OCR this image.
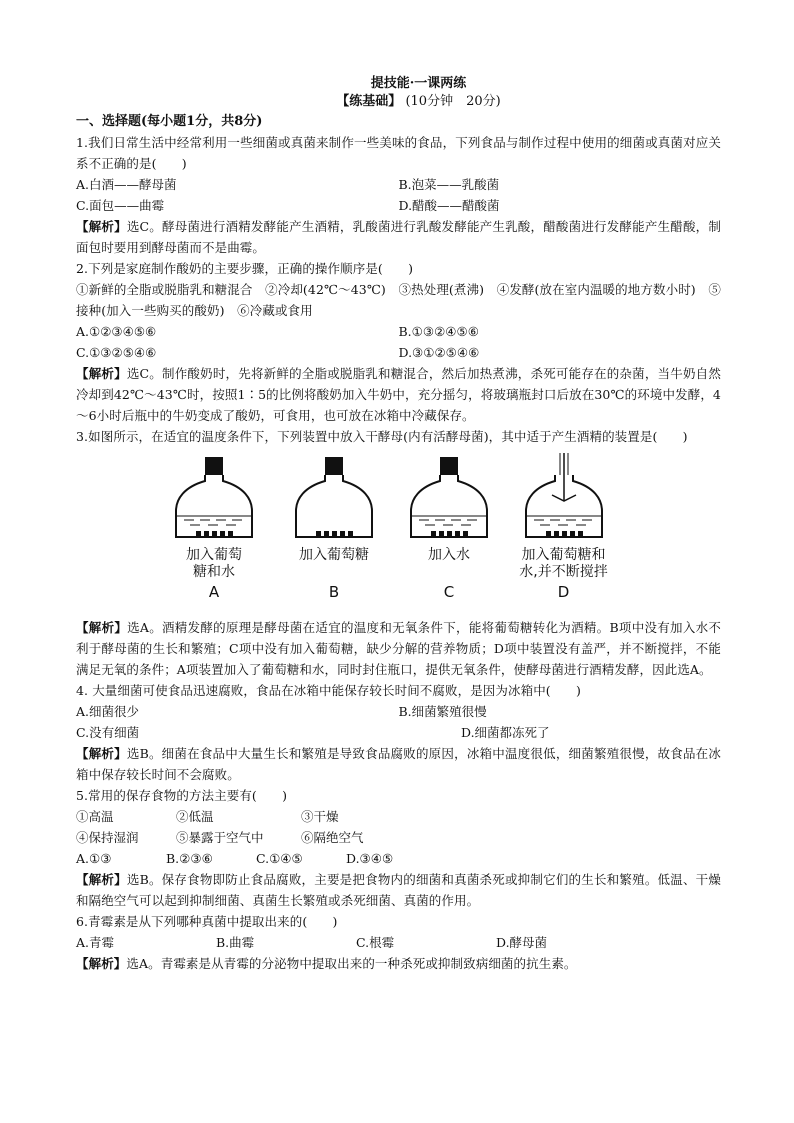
提技能·一课两练
【练基础】 (10分钟　20分)
一、选择题(每小题1分，共8分)

1.我们日常生活中经常利用一些细菌或真菌来制作一些美味的食品，下列食品与制作过程中使用的细菌或真菌对应关系不正确的是(　　)

A.白酒——酵母菌	B.泡菜——乳酸菌
C.面包——曲霉	D.醋酸——醋酸菌

【解析】选C。酵母菌进行酒精发酵能产生酒精，乳酸菌进行乳酸发酵能产生乳酸，醋酸菌进行发酵能产生醋酸，制面包时要用到酵母菌而不是曲霉。

2.下列是家庭制作酸奶的主要步骤，正确的操作顺序是(　　)

①新鲜的全脂或脱脂乳和糖混合　②冷却(42℃～43℃)　③热处理(煮沸)　④发酵(放在室内温暖的地方数小时)　⑤接种(加入一些购买的酸奶)　⑥冷藏或食用

A.①②③④⑤⑥	B.①③②④⑤⑥
C.①③②⑤④⑥	D.③①②⑤④⑥

【解析】选C。制作酸奶时，先将新鲜的全脂或脱脂乳和糖混合，然后加热煮沸，杀死可能存在的杂菌，当牛奶自然冷却到42℃～43℃时，按照1∶5的比例将酸奶加入牛奶中，充分摇匀，将玻璃瓶封口后放在30℃的环境中发酵，4～6小时后瓶中的牛奶变成了酸奶，可食用，也可放在冰箱中冷藏保存。

3.如图所示，在适宜的温度条件下，下列装置中放入干酵母(内有活酵母菌)，其中适于产生酒精的装置是(　　)

加入葡萄
糖和水
A
加入葡萄糖

B
加入水

C
加入葡萄糖和
水,并不断搅拌
D

【解析】选A。酒精发酵的原理是酵母菌在适宜的温度和无氧条件下，能将葡萄糖转化为酒精。B项中没有加入水不利于酵母菌的生长和繁殖；C项中没有加入葡萄糖，缺少分解的营养物质；D项中装置没有盖严，并不断搅拌，不能满足无氧的条件；A项装置加入了葡萄糖和水，同时封住瓶口，提供无氧条件，使酵母菌进行酒精发酵，因此选A。

4. 大量细菌可使食品迅速腐败，食品在冰箱中能保存较长时间不腐败，是因为冰箱中(　　)

A.细菌很少	B.细菌繁殖很慢
C.没有细菌	D.细菌都冻死了

【解析】选B。细菌在食品中大量生长和繁殖是导致食品腐败的原因，冰箱中温度很低，细菌繁殖很慢，故食品在冰箱中保存较长时间不会腐败。

5.常用的保存食物的方法主要有(　　)

①高温	②低温	③干燥
④保持湿润	⑤暴露于空气中	⑥隔绝空气
A.①③	B.②③⑥	C.①④⑤	D.③④⑤

【解析】选B。保存食物即防止食品腐败，主要是把食物内的细菌和真菌杀死或抑制它们的生长和繁殖。低温、干燥和隔绝空气可以起到抑制细菌、真菌生长繁殖或杀死细菌、真菌的作用。

6.青霉素是从下列哪种真菌中提取出来的(　　)

A.青霉	B.曲霉	C.根霉	D.酵母菌

【解析】选A。青霉素是从青霉的分泌物中提取出来的一种杀死或抑制致病细菌的抗生素。
